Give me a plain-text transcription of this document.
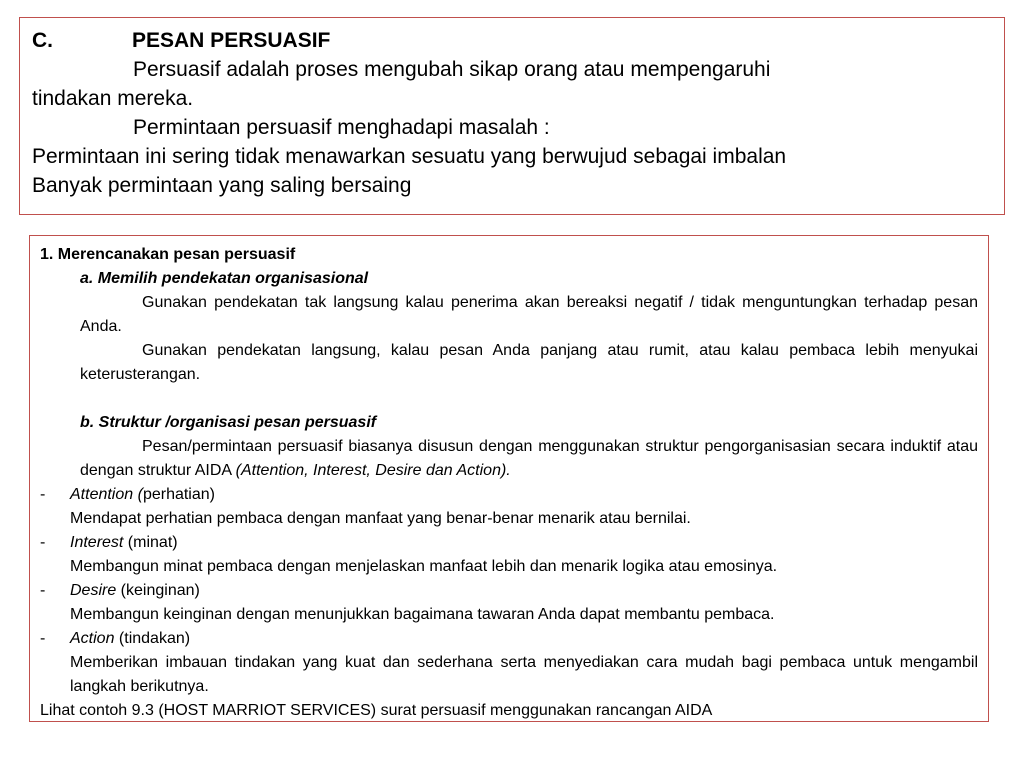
C.	PESAN PERSUASIF
Persuasif adalah proses mengubah sikap orang atau mempengaruhi
tindakan mereka.
Permintaan persuasif menghadapi masalah :
Permintaan ini sering tidak menawarkan sesuatu yang berwujud sebagai imbalan
Banyak permintaan yang saling bersaing
1. Merencanakan pesan persuasif
a. Memilih pendekatan organisasional
Gunakan pendekatan tak langsung kalau penerima akan bereaksi negatif / tidak menguntungkan terhadap pesan Anda.
Gunakan pendekatan langsung, kalau pesan Anda panjang atau rumit, atau kalau pembaca lebih menyukai keterusterangan.
b. Struktur /organisasi pesan persuasif
Pesan/permintaan persuasif biasanya disusun dengan menggunakan struktur pengorganisasian secara induktif atau dengan struktur AIDA (Attention, Interest, Desire dan Action).
-	Attention (perhatian)
Mendapat perhatian pembaca dengan manfaat yang benar-benar menarik atau bernilai.
-	Interest (minat)
Membangun minat pembaca dengan menjelaskan manfaat lebih dan menarik logika atau emosinya.
-	Desire (keinginan)
Membangun keinginan dengan menunjukkan bagaimana tawaran Anda dapat membantu pembaca.
-	Action (tindakan)
Memberikan imbauan tindakan yang kuat dan sederhana serta menyediakan cara mudah bagi pembaca untuk mengambil langkah berikutnya.
Lihat contoh 9.3 (HOST MARRIOT SERVICES) surat persuasif menggunakan rancangan AIDA
